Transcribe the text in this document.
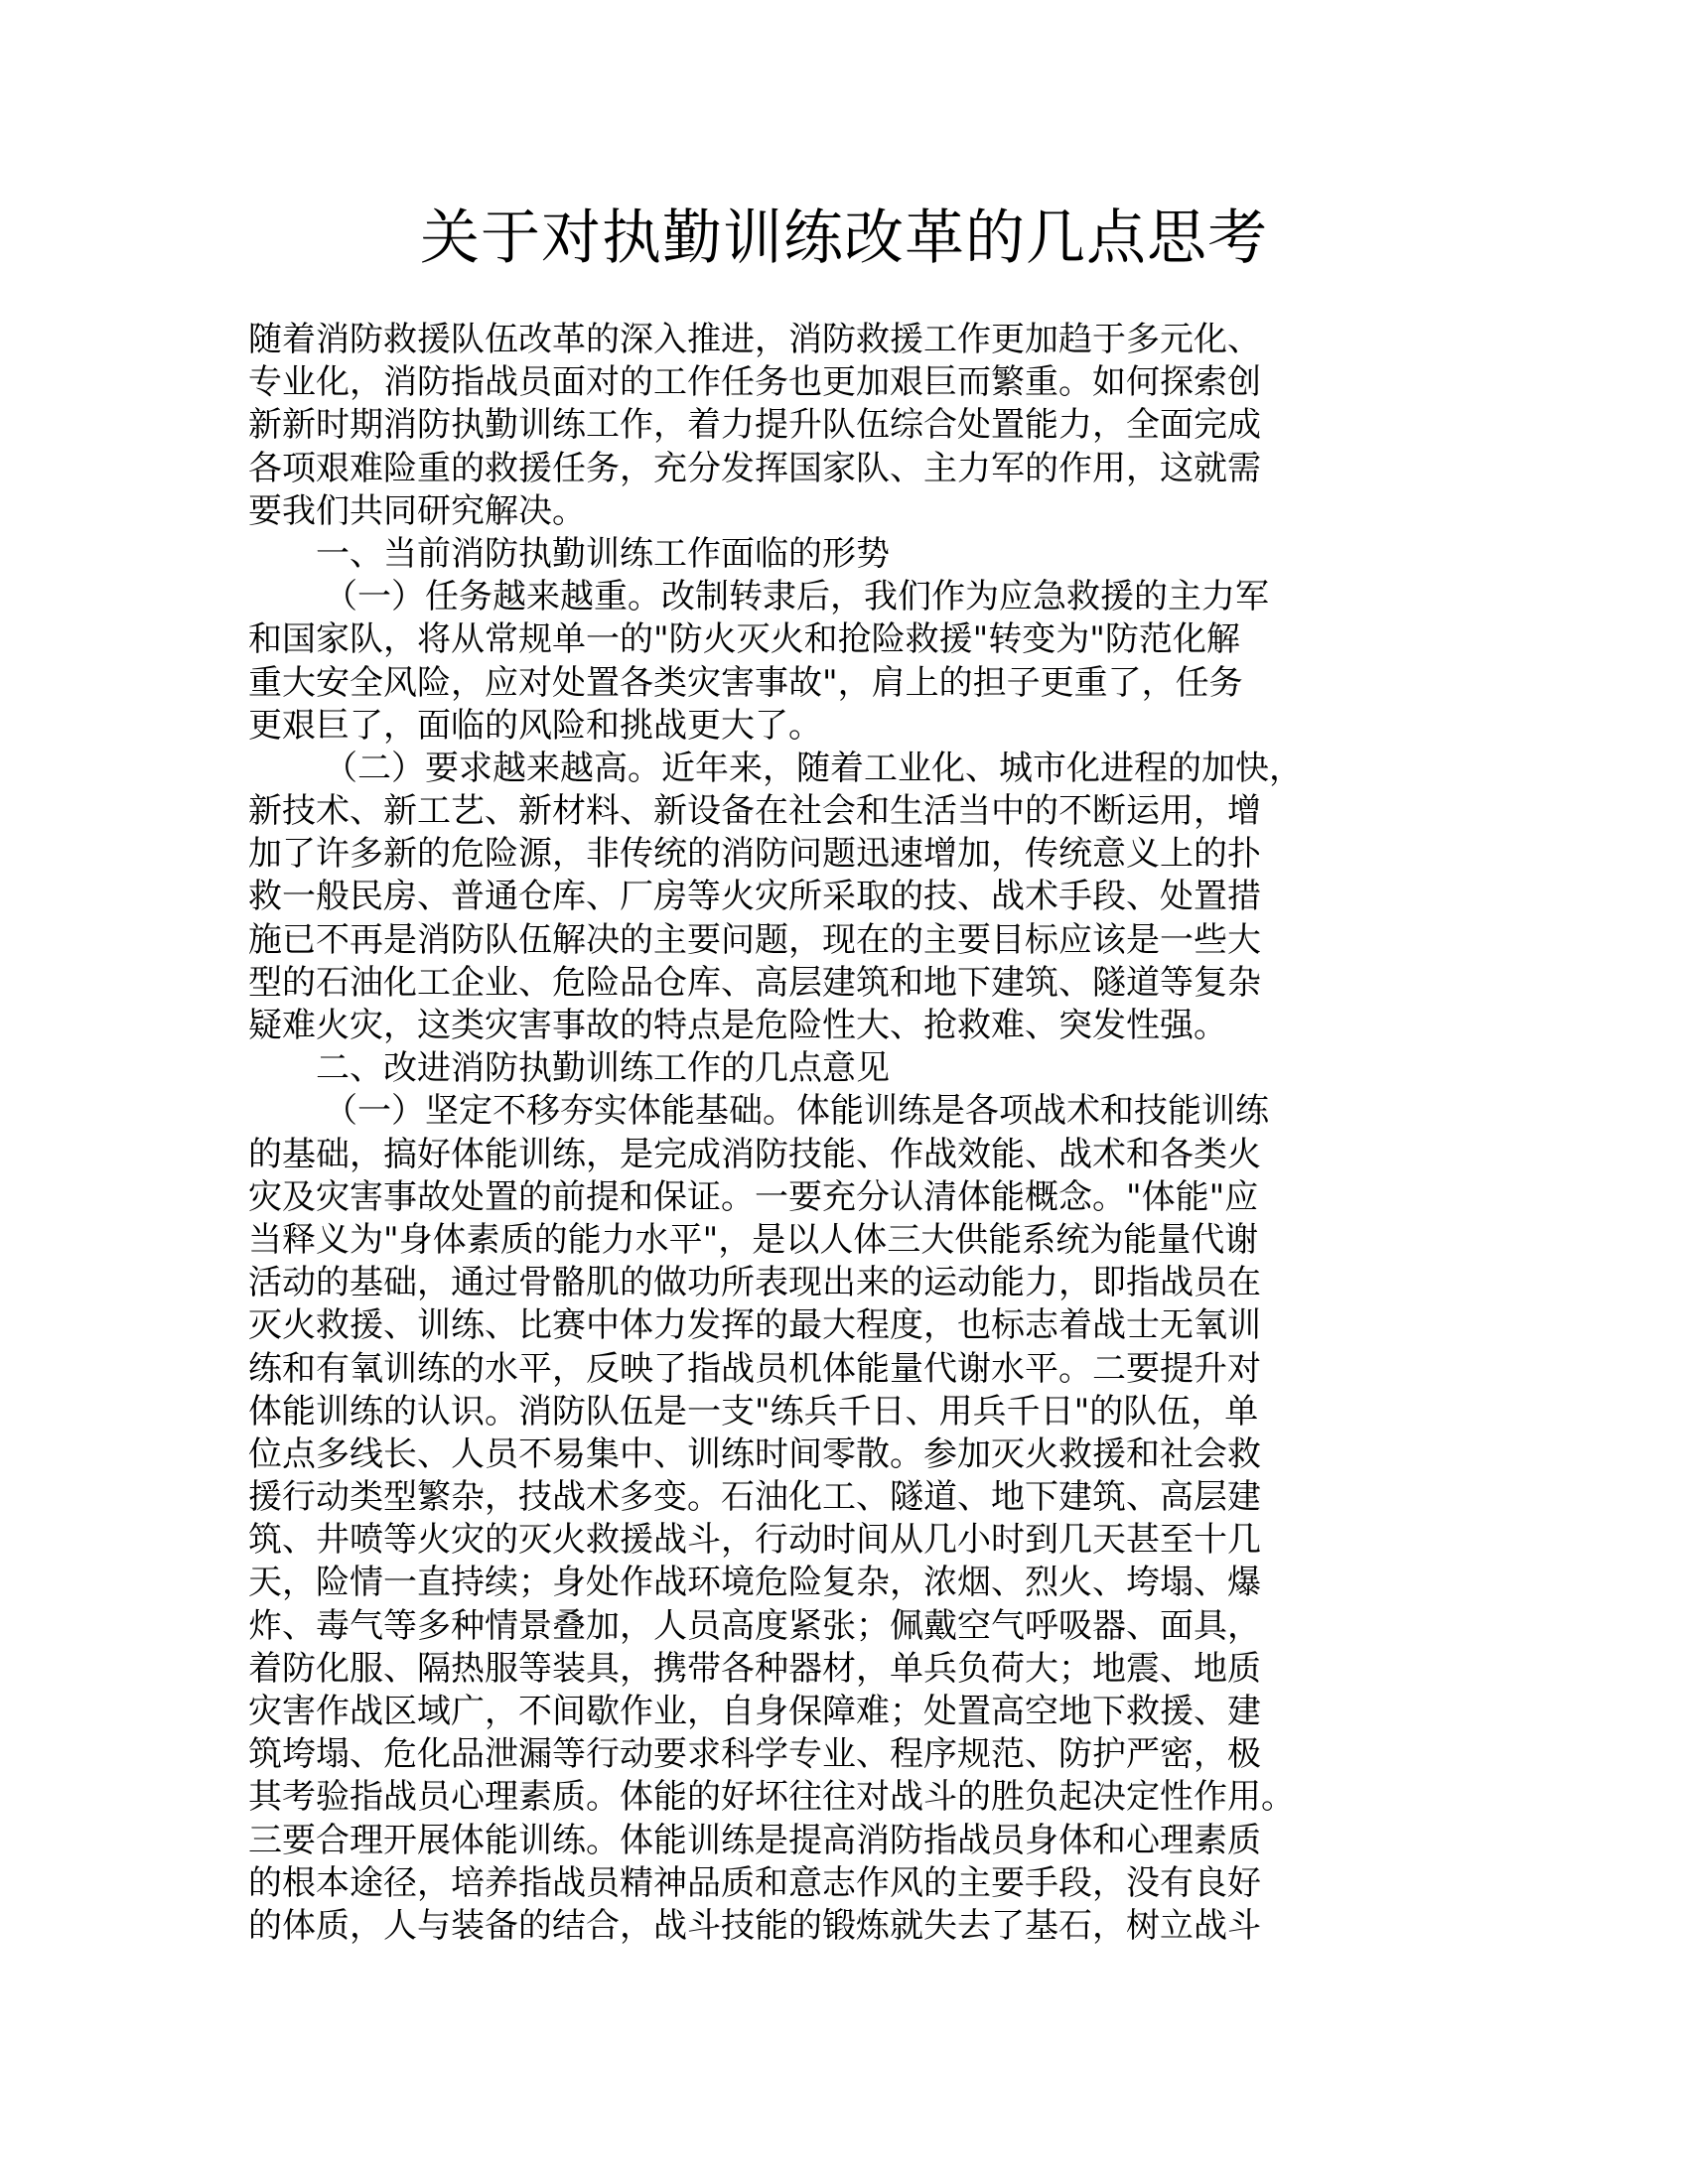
关于对执勤训练改革的几点思考
随着消防救援队伍改革的深入推进，消防救援工作更加趋于多元化、
专业化，消防指战员面对的工作任务也更加艰巨而繁重。如何探索创
新新时期消防执勤训练工作，着力提升队伍综合处置能力，全面完成
各项艰难险重的救援任务，充分发挥国家队、主力军的作用，这就需
要我们共同研究解决。
一、当前消防执勤训练工作面临的形势
（一）任务越来越重。改制转隶后，我们作为应急救援的主力军
和国家队，将从常规单一的"防火灭火和抢险救援"转变为"防范化解
重大安全风险，应对处置各类灾害事故"，肩上的担子更重了，任务
更艰巨了，面临的风险和挑战更大了。
（二）要求越来越高。近年来，随着工业化、城市化进程的加快，
新技术、新工艺、新材料、新设备在社会和生活当中的不断运用，增
加了许多新的危险源，非传统的消防问题迅速增加，传统意义上的扑
救一般民房、普通仓库、厂房等火灾所采取的技、战术手段、处置措
施已不再是消防队伍解决的主要问题，现在的主要目标应该是一些大
型的石油化工企业、危险品仓库、高层建筑和地下建筑、隧道等复杂
疑难火灾，这类灾害事故的特点是危险性大、抢救难、突发性强。
二、改进消防执勤训练工作的几点意见
（一）坚定不移夯实体能基础。体能训练是各项战术和技能训练
的基础，搞好体能训练，是完成消防技能、作战效能、战术和各类火
灾及灾害事故处置的前提和保证。一要充分认清体能概念。"体能"应
当释义为"身体素质的能力水平"，是以人体三大供能系统为能量代谢
活动的基础，通过骨骼肌的做功所表现出来的运动能力，即指战员在
灭火救援、训练、比赛中体力发挥的最大程度，也标志着战士无氧训
练和有氧训练的水平，反映了指战员机体能量代谢水平。二要提升对
体能训练的认识。消防队伍是一支"练兵千日、用兵千日"的队伍，单
位点多线长、人员不易集中、训练时间零散。参加灭火救援和社会救
援行动类型繁杂，技战术多变。石油化工、隧道、地下建筑、高层建
筑、井喷等火灾的灭火救援战斗，行动时间从几小时到几天甚至十几
天，险情一直持续；身处作战环境危险复杂，浓烟、烈火、垮塌、爆
炸、毒气等多种情景叠加，人员高度紧张；佩戴空气呼吸器、面具，
着防化服、隔热服等装具，携带各种器材，单兵负荷大；地震、地质
灾害作战区域广，不间歇作业，自身保障难；处置高空地下救援、建
筑垮塌、危化品泄漏等行动要求科学专业、程序规范、防护严密，极
其考验指战员心理素质。体能的好坏往往对战斗的胜负起决定性作用。
三要合理开展体能训练。体能训练是提高消防指战员身体和心理素质
的根本途径，培养指战员精神品质和意志作风的主要手段，没有良好
的体质，人与装备的结合，战斗技能的锻炼就失去了基石，树立战斗
